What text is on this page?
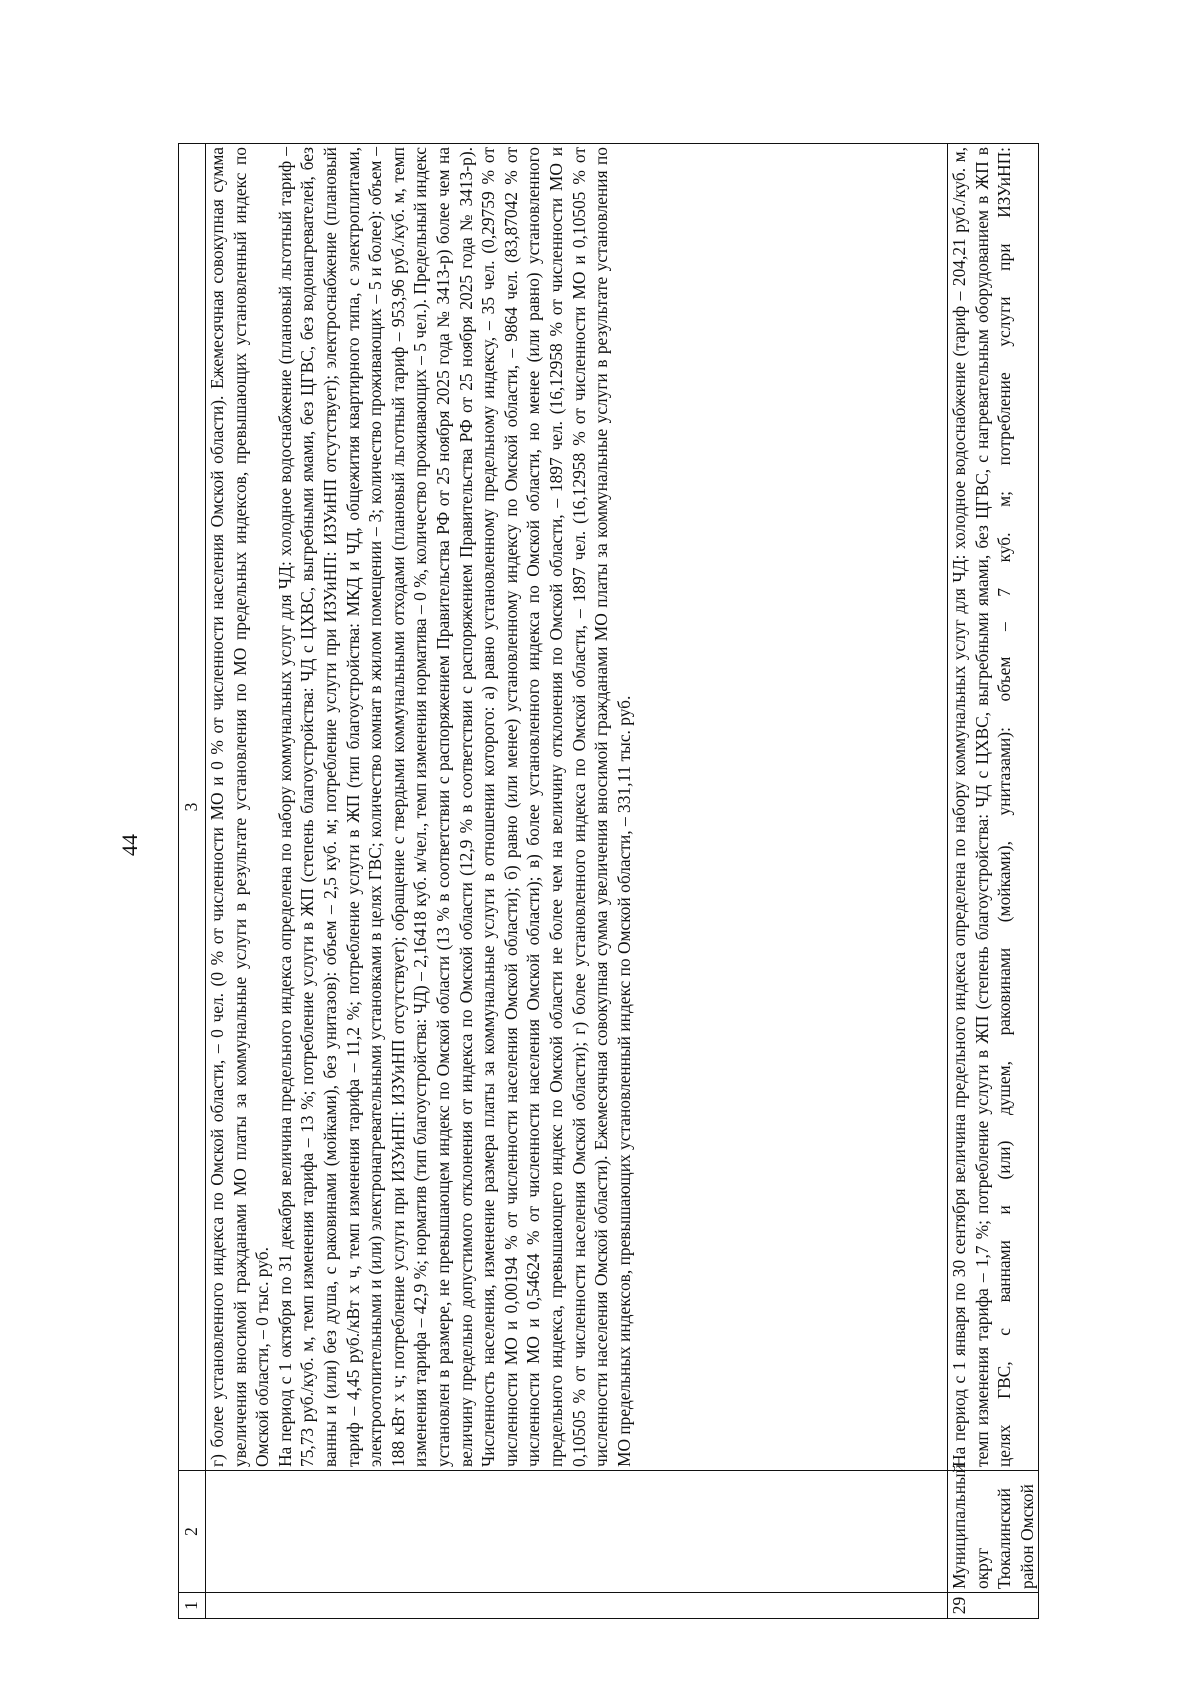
44
1	2	3

		г) более установленного индекса по Омской области, – 0 чел. (0 % от численности МО и 0 % от численности населения Омской области). Ежемесячная совокупная сумма увеличения вносимой гражданами МО платы за коммунальные услуги в результате установления по МО предельных индексов, превышающих установленный индекс по Омской области, – 0 тыс. руб. На период с 1 октября по 31 декабря величина предельного индекса определена по набору коммунальных услуг для ЧД: холодное водоснабжение (плановый льготный тариф – 75,73 руб./куб. м, темп изменения тарифа – 13 %; потребление услуги в ЖП (степень благоустройства: ЧД с ЦХВС, выгребными ямами, без ЦГВС, без водонагревателей, без ванны и (или) без душа, с раковинами (мойками), без унитазов): объем – 2,5 куб. м; потребление услуги при ИЗУиНП: ИЗУиНП отсутствует); электроснабжение (плановый тариф – 4,45 руб./кВт х ч, темп изменения тарифа – 11,2 %; потребление услуги в ЖП (тип благоустройства: МКД и ЧД, общежития квартирного типа, с электроплитами, электроотопительными и (или) электронагревательными установками в целях ГВС; количество комнат в жилом помещении – 3; количество проживающих – 5 и более): объем – 188 кВт х ч; потребление услуги при ИЗУиНП: ИЗУиНП отсутствует); обращение с твердыми коммунальными отходами (плановый льготный тариф – 953,96 руб./куб. м, темп изменения тарифа – 42,9 %; норматив (тип благоустройства: ЧД) – 2,16418 куб. м/чел., темп изменения норматива – 0 %, количество проживающих – 5 чел.). Предельный индекс установлен в размере, не превышающем индекс по Омской области (13 % в соответствии с распоряжением Правительства РФ от 25 ноября 2025 года № 3413-р) более чем на величину предельно допустимого отклонения от индекса по Омской области (12,9 % в соответствии с распоряжением Правительства РФ от 25 ноября 2025 года № 3413-р). Численность населения, изменение размера платы за коммунальные услуги в отношении которого: а) равно установленному предельному индексу, – 35 чел. (0,29759 % от численности МО и 0,00194 % от численности населения Омской области); б) равно (или менее) установленному индексу по Омской области, – 9864 чел. (83,87042 % от численности МО и 0,54624 % от численности населения Омской области); в) более установленного индекса по Омской области, но менее (или равно) установленного предельного индекса, превышающего индекс по Омской области не более чем на величину отклонения по Омской области, – 1897 чел. (16,12958 % от численности МО и 0,10505 % от численности населения Омской области); г) более установленного индекса по Омской области, – 1897 чел. (16,12958 % от численности МО и 0,10505 % от численности населения Омской области). Ежемесячная совокупная сумма увеличения вносимой гражданами МО платы за коммунальные услуги в результате установления по МО предельных индексов, превышающих установленный индекс по Омской области, – 331,11 тыс. руб.

29	Муниципальный округ Тюкалинский район Омской	На период с 1 января по 30 сентября величина предельного индекса определена по набору коммунальных услуг для ЧД: холодное водоснабжение (тариф – 204,21 руб./куб. м, темп изменения тарифа – 1,7 %; потребление услуги в ЖП (степень благоустройства: ЧД с ЦХВС, выгребными ямами, без ЦГВС, с нагревательным оборудованием в ЖП в целях ГВС, с ваннами и (или) душем, раковинами (мойками), унитазами): объем – 7 куб. м; потребление услуги при ИЗУиНП:
